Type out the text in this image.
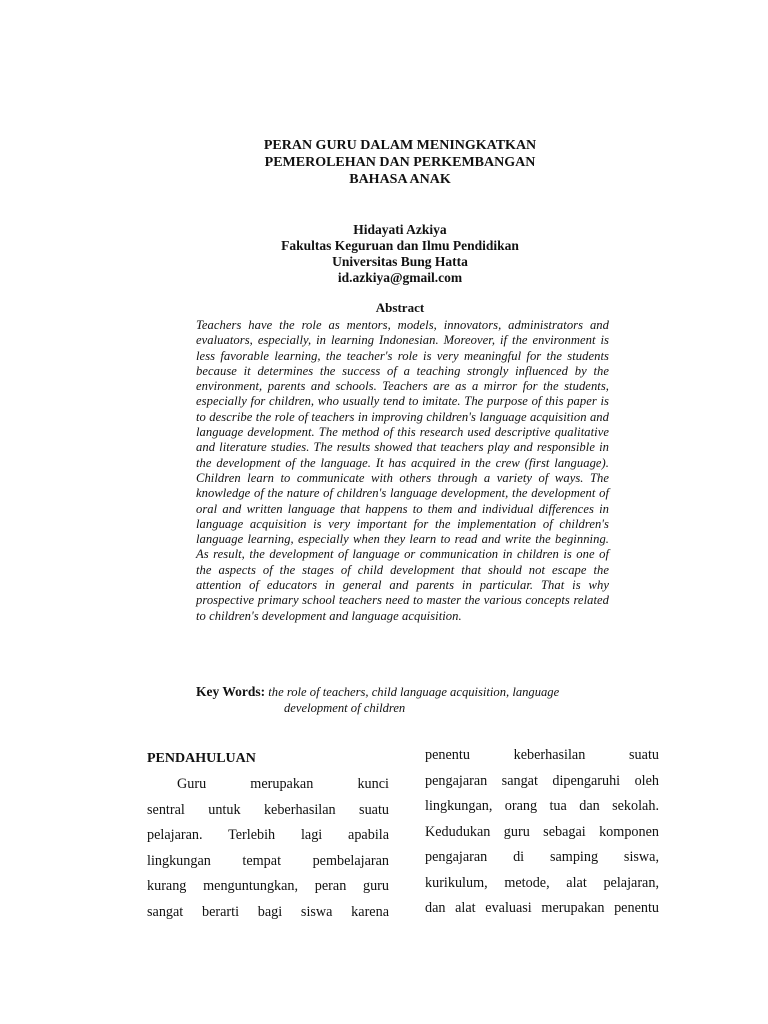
PERAN GURU DALAM MENINGKATKAN
PEMEROLEHAN DAN PERKEMBANGAN
BAHASA ANAK
Hidayati Azkiya
Fakultas Keguruan dan Ilmu Pendidikan
Universitas Bung Hatta
id.azkiya@gmail.com
Abstract
Teachers have the role as mentors, models, innovators, administrators and evaluators, especially, in learning Indonesian. Moreover, if the environment is less favorable learning, the teacher's role is very meaningful for the students because it determines the success of a teaching strongly influenced by the environment, parents and schools. Teachers are as a mirror for the students, especially for children, who usually tend to imitate. The purpose of this paper is to describe the role of teachers in improving children's language acquisition and language development. The method of this research used descriptive qualitative and literature studies. The results showed that teachers play and responsible in the development of the language. It has acquired in the crew (first language). Children learn to communicate with others through a variety of ways. The knowledge of the nature of children's language development, the development of oral and written language that happens to them and individual differences in language acquisition is very important for the implementation of children's language learning, especially when they learn to read and write the beginning. As result, the development of language or communication in children is one of the aspects of the stages of child development that should not escape the attention of educators in general and parents in particular. That is why prospective primary school teachers need to master the various concepts related to children's development and language acquisition.
Key Words: the role of teachers, child language acquisition, language
development of children
PENDAHULUAN
Guru merupakan kunci
sentral untuk keberhasilan suatu
pelajaran. Terlebih lagi apabila
lingkungan tempat pembelajaran
kurang menguntungkan, peran guru
sangat berarti bagi siswa karena
penentu keberhasilan suatu
pengajaran sangat dipengaruhi oleh
lingkungan, orang tua dan sekolah.
Kedudukan guru sebagai komponen
pengajaran di samping siswa,
kurikulum, metode, alat pelajaran,
dan alat evaluasi merupakan penentu
